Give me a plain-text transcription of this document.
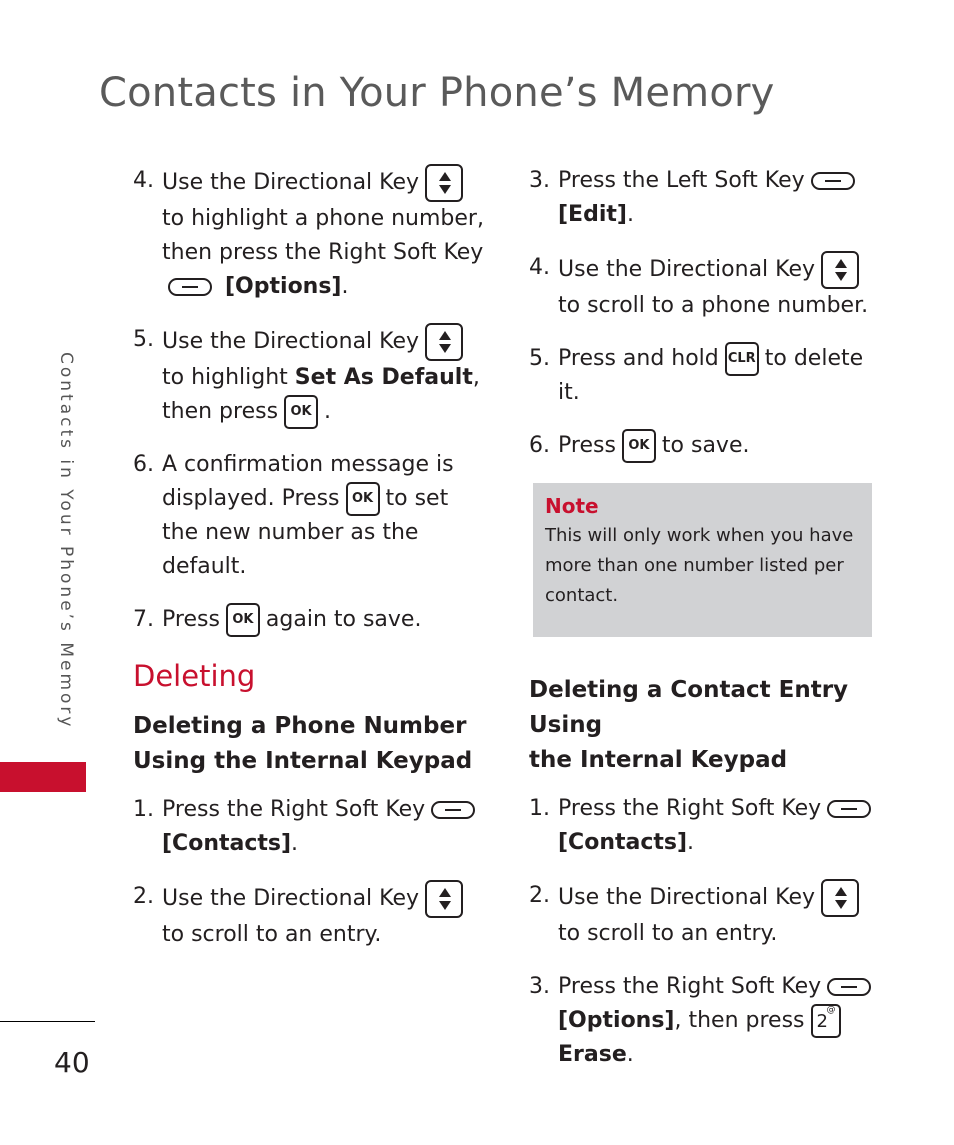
Contacts in Your Phone’s Memory
Contacts in Your Phone’s Memory
40
4. Use the Directional Key
to highlight a phone number,
then press the Right Soft Key
[Options].
5. Use the Directional Key
to highlight Set As Default,
then press OK .
6. A confirmation message is
displayed. Press OK to set
the new number as the
default.
7. Press OK again to save.
Deleting
Deleting a Phone Number
Using the Internal Keypad
1. Press the Right Soft Key
[Contacts].
2. Use the Directional Key
to scroll to an entry.
3. Press the Left Soft Key
[Edit].
4. Use the Directional Key
to scroll to a phone number.
5. Press and hold CLR to delete
it.
6. Press OK to save.
Note
This will only work when you have
more than one number listed per
contact.
Deleting a Contact Entry Using
the Internal Keypad
1. Press the Right Soft Key
[Contacts].
2. Use the Directional Key
to scroll to an entry.
3. Press the Right Soft Key
[Options], then press 2
@

Erase.
